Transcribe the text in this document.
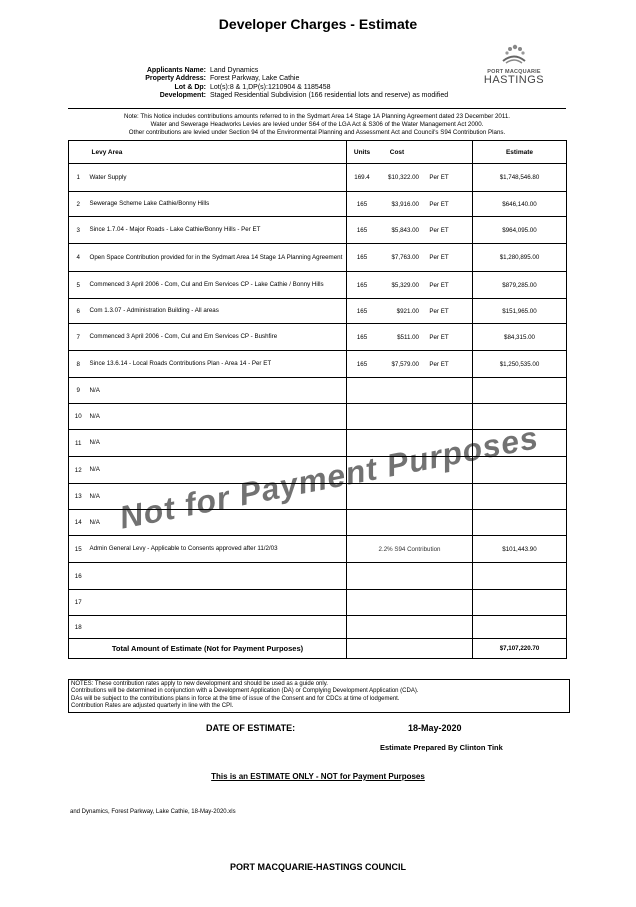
Developer Charges - Estimate
Applicants Name: Land Dynamics
Property Address: Forest Parkway, Lake Cathie
Lot & Dp: Lot(s):8 & 1,DP(s):1210904 & 1185458
Development: Staged Residential Subdivision (166 residential lots and reserve) as modified
PORT MACQUARIE
HASTINGS
Note: This Notice includes contributions amounts referred to in the Sydmart Area 14 Stage 1A Planning Agreement dated 23 December 2011.
Water and Sewerage Headworks Levies are levied under S64 of the LGA Act & S306 of the Water Management Act 2000.
Other contributions are levied under Section 94 of the Environmental Planning and Assessment Act and Council's S94 Contribution Plans.
	Levy Area	Units Cost	Estimate
1	Water Supply	169.4 $10,322.00 Per ET	$1,748,546.80
2	Sewerage Scheme Lake Cathie/Bonny Hills	165 $3,916.00 Per ET	$646,140.00
3	Since 1.7.04 - Major Roads - Lake Cathie/Bonny Hills - Per ET	165 $5,843.00 Per ET	$964,095.00
4	Open Space Contribution provided for in the Sydmart Area 14 Stage 1A Planning Agreement	165 $7,763.00 Per ET	$1,280,895.00
5	Commenced 3 April 2006 - Com, Cul and Em Services CP - Lake Cathie / Bonny Hills	165 $5,329.00 Per ET	$879,285.00
6	Com 1.3.07 - Administration Building - All areas	165 $921.00 Per ET	$151,965.00
7	Commenced 3 April 2006 - Com, Cul and Em Services CP - Bushfire	165 $511.00 Per ET	$84,315.00
8	Since 13.6.14 - Local Roads Contributions Plan - Area 14 - Per ET	165 $7,579.00 Per ET	$1,250,535.00
9	N/A	

10	N/A	

11	N/A	

12	N/A	

13	N/A	

14	N/A	

15	Admin General Levy - Applicable to Consents approved after 11/2/03	2.2% S94 Contribution	$101,443.90
16		

17		

18		

Total Amount of Estimate (Not for Payment Purposes)			$7,107,220.70
NOTES: These contribution rates apply to new development and should be used as a guide only.
Contributions will be determined in conjunction with a Development Application (DA) or Complying Development Application (CDA).
DAs will be subject to the contributions plans in force at the time of issue of the Consent and for CDCs at time of lodgement.
Contribution Rates are adjusted quarterly in line with the CPI.
DATE OF ESTIMATE:	18-May-2020
Estimate Prepared By Clinton Tink
This is an ESTIMATE ONLY - NOT for Payment Purposes
and Dynamics, Forest Parkway, Lake Cathie, 18-May-2020.xls
PORT MACQUARIE-HASTINGS COUNCIL
Not for Payment Purposes
